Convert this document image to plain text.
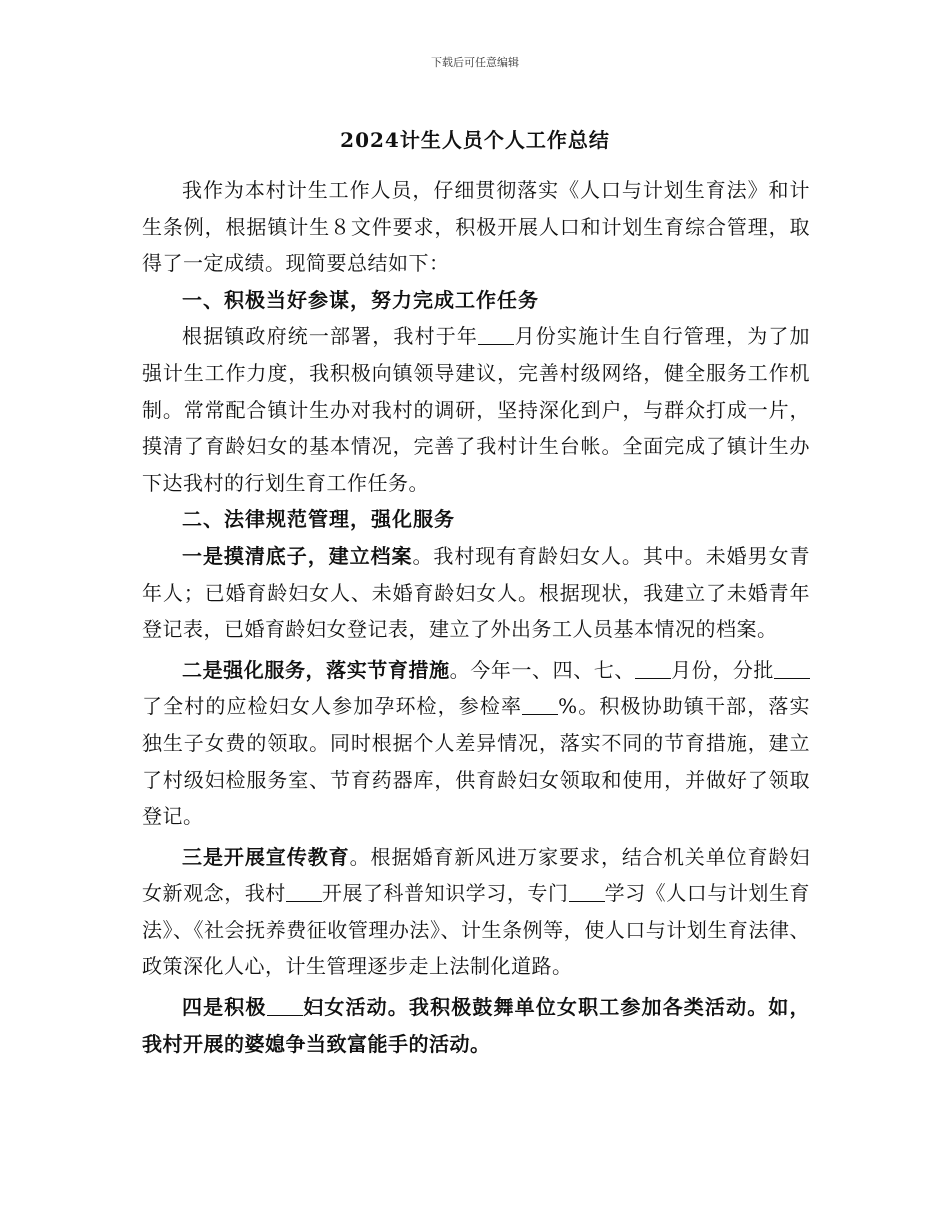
下载后可任意编辑
2024计生人员个人工作总结

我作为本村计生工作人员，仔细贯彻落实《人口与计划生育法》和计生条例，根据镇计生８文件要求，积极开展人口和计划生育综合管理，取得了一定成绩。现简要总结如下：

一、积极当好参谋，努力完成工作任务

根据镇政府统一部署，我村于年 月份实施计生自行管理，为了加强计生工作力度，我积极向镇领导建议，完善村级网络，健全服务工作机制。常常配合镇计生办对我村的调研，坚持深化到户，与群众打成一片，摸清了育龄妇女的基本情况，完善了我村计生台帐。全面完成了镇计生办下达我村的行划生育工作任务。

二、法律规范管理，强化服务

一是摸清底子，建立档案。我村现有育龄妇女人。其中。未婚男女青年人；已婚育龄妇女人、未婚育龄妇女人。根据现状，我建立了未婚青年登记表，已婚育龄妇女登记表，建立了外出务工人员基本情况的档案。

二是强化服务，落实节育措施。今年一、四、七、 月份，分批了全村的应检妇女人参加孕环检，参检率 %。积极协助镇干部，落实独生子女费的领取。同时根据个人差异情况，落实不同的节育措施，建立了村级妇检服务室、节育药器库，供育龄妇女领取和使用，并做好了领取登记。

三是开展宣传教育。根据婚育新风进万家要求，结合机关单位育龄妇女新观念，我村 开展了科普知识学习，专门 学习《人口与计划生育法》、《社会抚养费征收管理办法》、计生条例等，使人口与计划生育法律、政策深化人心，计生管理逐步走上法制化道路。

四是积极 妇女活动。我积极鼓舞单位女职工参加各类活动。如，我村开展的婆媳争当致富能手的活动。
